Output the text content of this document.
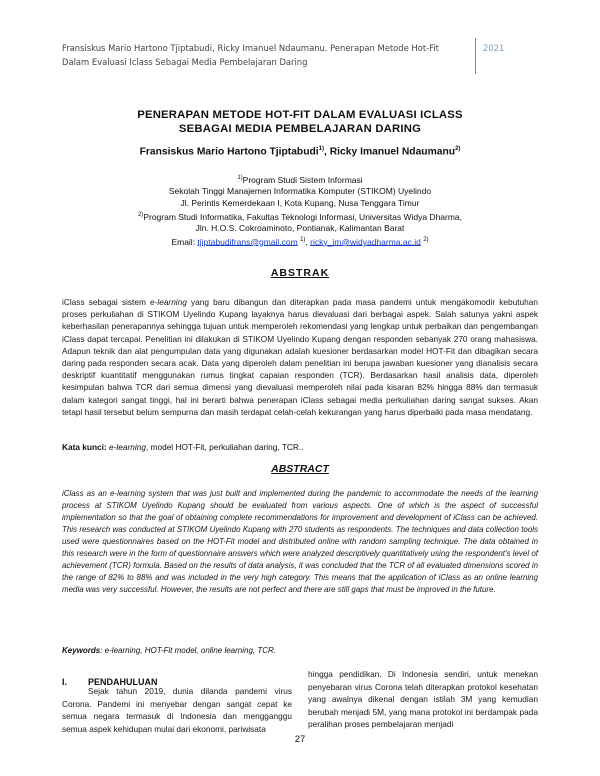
Fransiskus Mario Hartono Tjiptabudi, Ricky Imanuel Ndaumanu. Penerapan Metode Hot-Fit
Dalam Evaluasi Iclass Sebagai Media Pembelajaran Daring
2021
PENERAPAN METODE HOT-FIT DALAM EVALUASI ICLASS
SEBAGAI MEDIA PEMBELAJARAN DARING
Fransiskus Mario Hartono Tjiptabudi$^{1)}$, Ricky Imanuel Ndaumanu$^{2)}$
$^{1)}$Program Studi Sistem Informasi
Sekolah Tinggi Manajemen Informatika Komputer (STIKOM) Uyelindo
Jl. Perintis Kemerdekaan I, Kota Kupang, Nusa Tenggara Timur
$^{2)}$Program Studi Informatika, Fakultas Teknologi Informasi, Universitas Widya Dharma,
Jln. H.O.S. Cokroaminoto, Pontianak, Kalimantan Barat
Email: tjiptabudifrans@gmail.com $^{1)}$, ricky_im@widyadharma.ac.id $^{2)}$
ABSTRAK
iClass sebagai sistem e-learning yang baru dibangun dan diterapkan pada masa pandemi untuk mengakomodir kebutuhan proses perkuliahan di STIKOM Uyelindo Kupang layaknya harus dievaluasi dari berbagai aspek. Salah satunya yakni aspek keberhasilan penerapannya sehingga tujuan untuk memperoleh rekomendasi yang lengkap untuk perbaikan dan pengembangan iClass dapat tercapai. Penelitian ini dilakukan di STIKOM Uyelindo Kupang dengan responden sebanyak 270 orang mahasiswa. Adapun teknik dan alat pengumpulan data yang digunakan adalah kuesioner berdasarkan model HOT-Fit dan dibagikan secara daring pada responden secara acak. Data yang diperoleh dalam penelitian ini berupa jawaban kuesioner yang dianalisis secara deskriptif kuantitatif menggunakan rumus tingkat capaian responden (TCR). Berdasarkan hasil analisis data, diperoleh kesimpulan bahwa TCR dari semua dimensi yang dievaluasi memperoleh nilai pada kisaran 82% hingga 88% dan termasuk dalam kategori sangat tinggi, hal ini berarti bahwa penerapan iClass sebagai media perkuliahan daring sangat sukses. Akan tetapi hasil tersebut belum sempurna dan masih terdapat celah-celah kekurangan yang harus diperbaiki pada masa mendatang.
Kata kunci: e-learning, model HOT-Fit, perkuliahan daring, TCR..
ABSTRACT
iClass as an e-learning system that was just built and implemented during the pandemic to accommodate the needs of the learning process at STIKOM Uyelindo Kupang should be evaluated from various aspects. One of which is the aspect of successful implementation so that the goal of obtaining complete recommendations for improvement and development of iClass can be achieved. This research was conducted at STIKOM Uyelindo Kupang with 270 students as respondents. The techniques and data collection tools used were questionnaires based on the HOT-Fit model and distributed online with random sampling technique. The data obtained in this research were in the form of questionnaire answers which were analyzed descriptively quantitatively using the respondent's level of achievement (TCR) formula. Based on the results of data analysis, it was concluded that the TCR of all evaluated dimensions scored in the range of 82% to 88% and was included in the very high category. This means that the application of iClass as an online learning media was very successful. However, the results are not perfect and there are still gaps that must be improved in the future.
Keywords: e-learning, HOT-Fit model, online learning, TCR.
I. PENDAHULUAN
Sejak tahun 2019, dunia dilanda pandemi virus Corona. Pandemi ini menyebar dengan sangat cepat ke semua negara termasuk di Indonesia dan mengganggu semua aspek kehidupan mulai dari ekonomi, pariwisata
hingga pendidikan. Di Indonesia sendiri, untuk menekan penyebaran virus Corona telah diterapkan protokol kesehatan yang awalnya dikenal dengan istilah 3M yang kemudian berubah menjadi 5M, yang mana protokol ini berdampak pada peralihan proses pembelajaran menjadi
27
